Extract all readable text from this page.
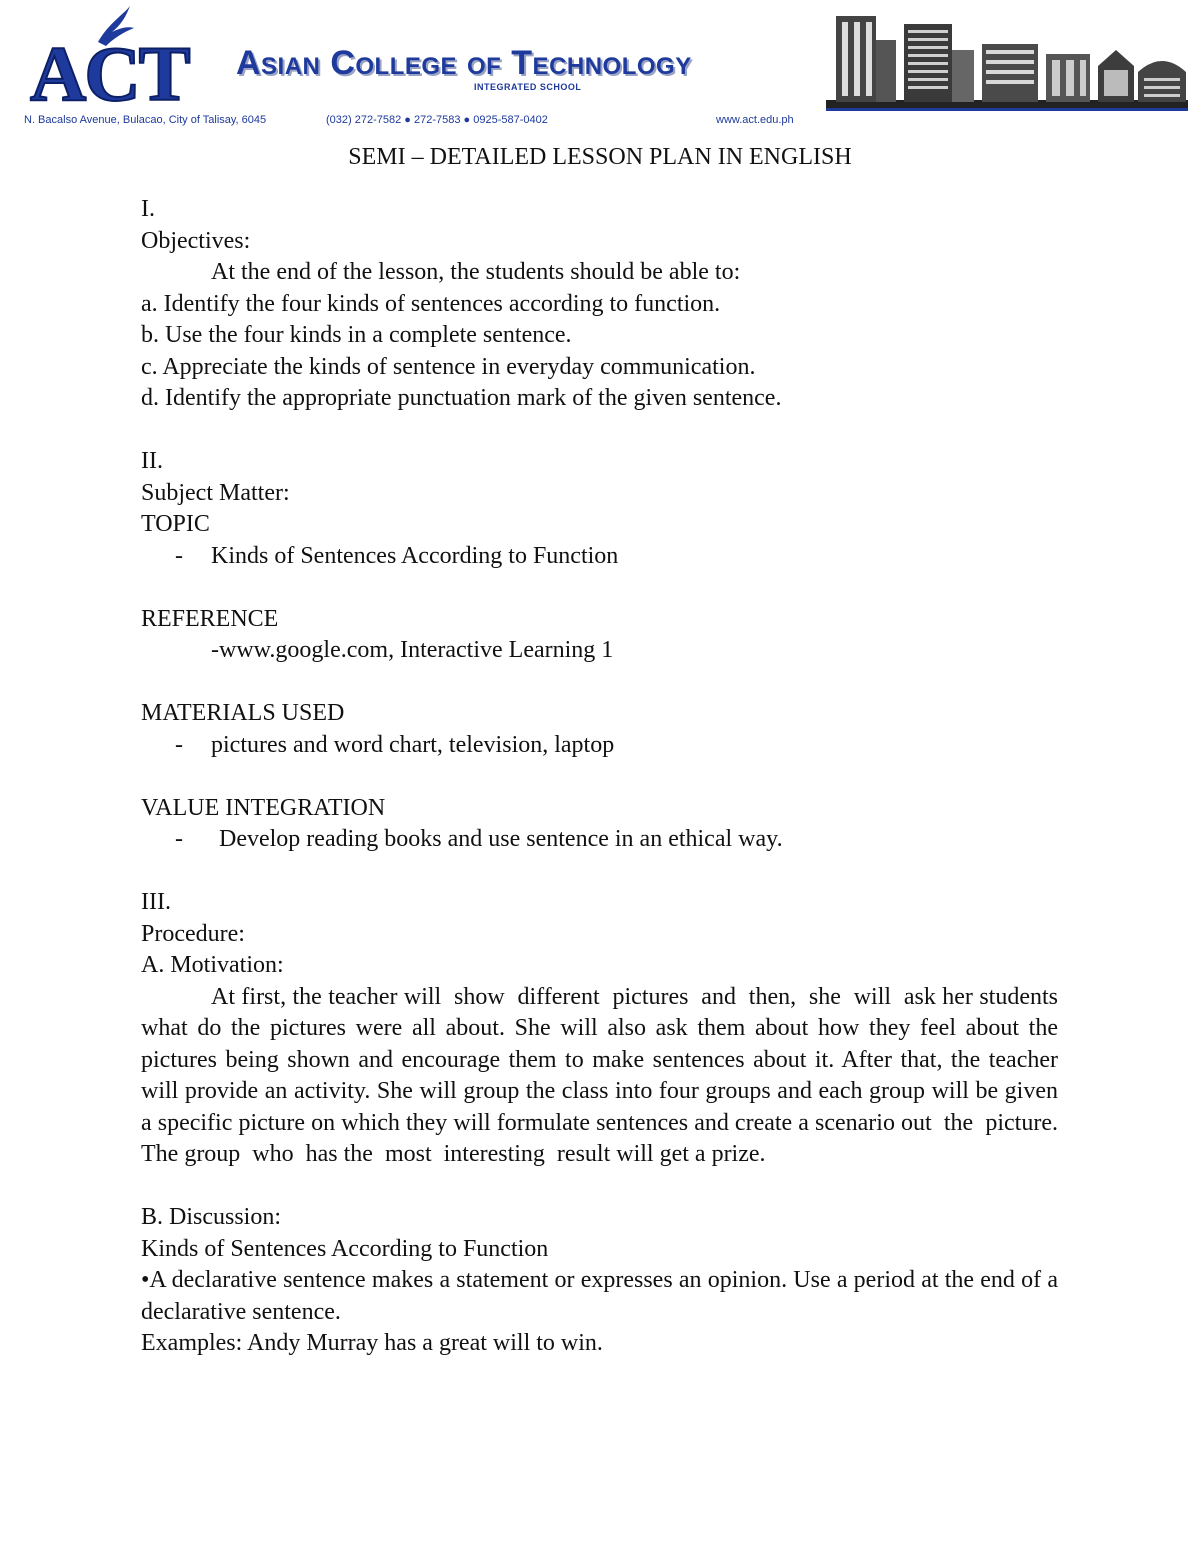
ACT Asian College of Technology
INTEGRATED SCHOOL
N. Bacalso Avenue, Bulacao, City of Talisay, 6045	(032) 272-7582 ● 272-7583 ● 0925-587-0402	www.act.edu.ph
SEMI – DETAILED LESSON PLAN IN ENGLISH
I.
Objectives:
At the end of the lesson, the students should be able to:
a. Identify the four kinds of sentences according to function.
b. Use the four kinds in a complete sentence.
c. Appreciate the kinds of sentence in everyday communication.
d. Identify the appropriate punctuation mark of the given sentence.
II.
Subject Matter:
TOPIC
- Kinds of Sentences According to Function
REFERENCE
-www.google.com, Interactive Learning 1
MATERIALS USED
- pictures and word chart, television, laptop
VALUE INTEGRATION
- Develop reading books and use sentence in an ethical way.
III.
Procedure:
A. Motivation:
At first, the teacher will  show  different  pictures  and  then,  she  will  ask her students what do the pictures were all about. She will also ask them about how they feel about the pictures being shown and encourage them to make sentences about it. After that, the teacher will provide an activity. She will group the class into four groups and each group will be given a specific picture on which they will formulate sentences and create a scenario out  the  picture.  The group  who  has the  most  interesting  result will get a prize.
B. Discussion:
Kinds of Sentences According to Function
•A declarative sentence makes a statement or expresses an opinion. Use a period at the end of a declarative sentence.
Examples: Andy Murray has a great will to win.
